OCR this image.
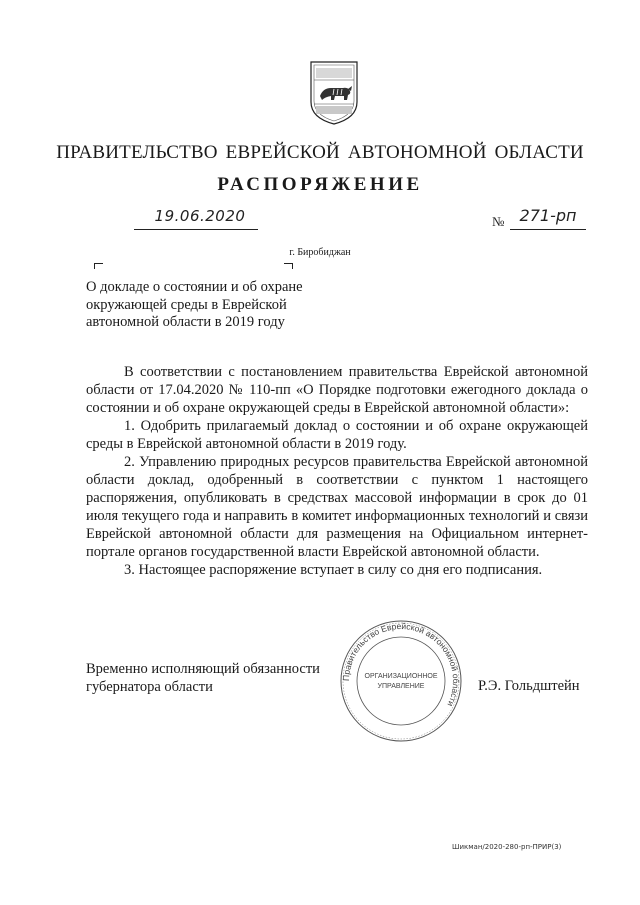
ПРАВИТЕЛЬСТВО ЕВРЕЙСКОЙ АВТОНОМНОЙ ОБЛАСТИ
РАСПОРЯЖЕНИЕ
19.06.2020	№ 271-рп
г. Биробиджан
О докладе о состоянии и об охране окружающей среды в Еврейской автономной области в 2019 году

В соответствии с постановлением правительства Еврейской автономной области от 17.04.2020 № 110-пп «О Порядке подготовки ежегодного доклада о состоянии и об охране окружающей среды в Еврейской автономной области»:

1. Одобрить прилагаемый доклад о состоянии и об охране окружающей среды в Еврейской автономной области в 2019 году.

2. Управлению природных ресурсов правительства Еврейской автономной области доклад, одобренный в соответствии с пунктом 1 настоящего распоряжения, опубликовать в средствах массовой информации в срок до 01 июля текущего года и направить в комитет информационных технологий и связи Еврейской автономной области для размещения на Официальном интернет-портале органов государственной власти Еврейской автономной области.

3. Настоящее распоряжение вступает в силу со дня его подписания.

Временно исполняющий обязанности губернатора области	Р.Э. Гольдштейн
Правительство Еврейской автономной области
ОРГАНИЗАЦИОННОЕ
УПРАВЛЕНИЕ
Шикман/2020-280-рп-ПРИР(3)
